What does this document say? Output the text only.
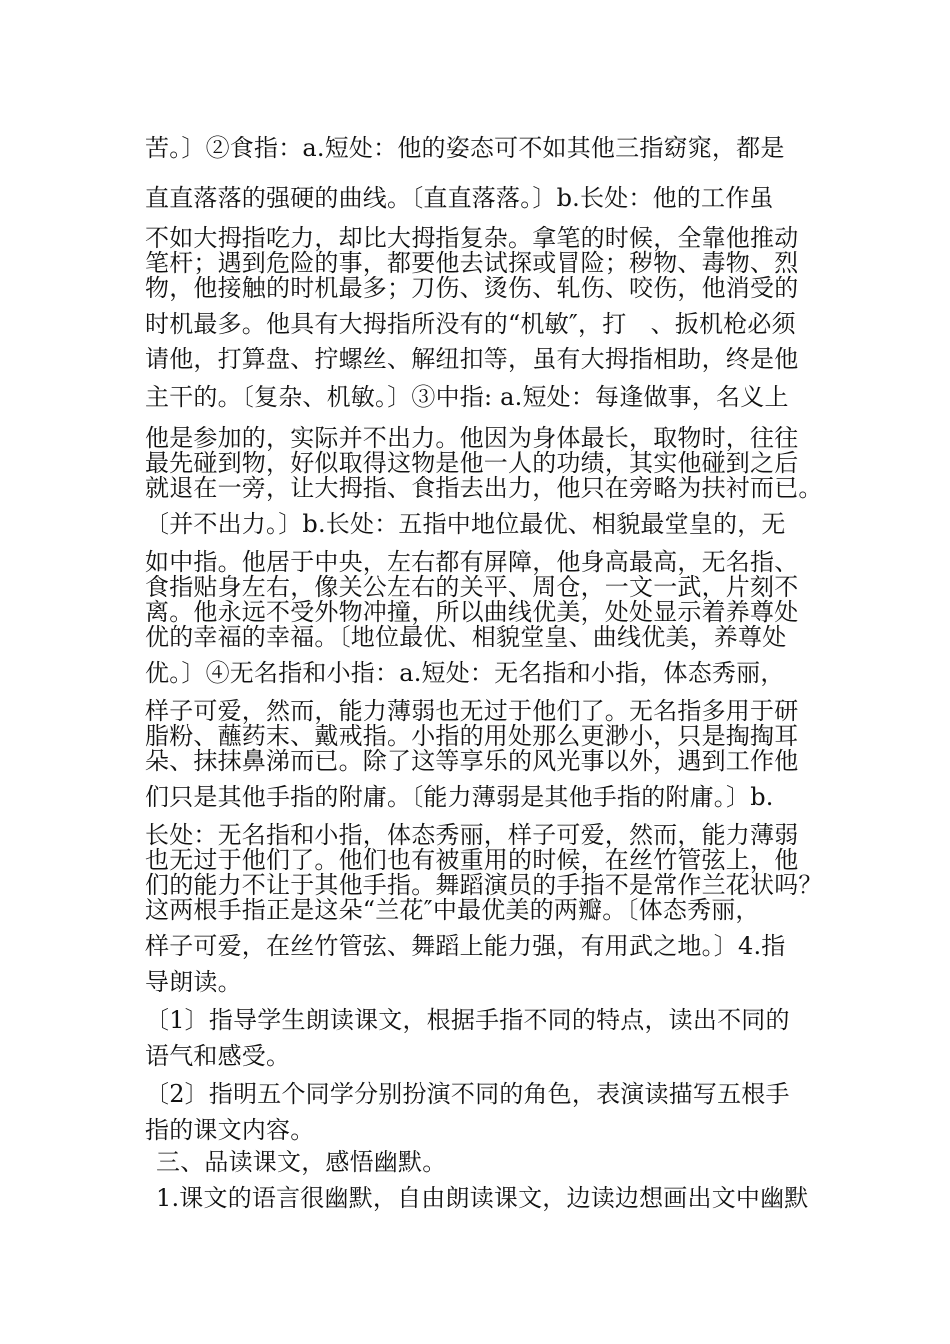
苦。〕②食指：a.短处：他的姿态可不如其他三指窈窕，都是
直直落落的强硬的曲线。〔直直落落。〕b.长处：他的工作虽
不如大拇指吃力，却比大拇指复杂。拿笔的时候，全靠他推动
笔杆；遇到危险的事，都要他去试探或冒险；秽物、毒物、烈
物，他接触的时机最多；刀伤、烫伤、轧伤、咬伤，他消受的
时机最多。他具有大拇指所没有的“机敏″，打　、扳机枪必须
请他，打算盘、拧螺丝、解纽扣等，虽有大拇指相助，终是他
主干的。〔复杂、机敏。〕③中指: a.短处：每逢做事，名义上
他是参加的，实际并不出力。他因为身体最长，取物时，往往
最先碰到物，好似取得这物是他一人的功绩，其实他碰到之后
就退在一旁，让大拇指、食指去出力，他只在旁略为扶衬而已。
〔并不出力。〕b.长处：五指中地位最优、相貌最堂皇的，无
如中指。他居于中央，左右都有屏障，他身高最高，无名指、
食指贴身左右，像关公左右的关平、周仓，一文一武，片刻不
离。他永远不受外物冲撞，所以曲线优美，处处显示着养尊处
优的幸福的幸福。〔地位最优、相貌堂皇、曲线优美，养尊处
优。〕④无名指和小指：a.短处：无名指和小指，体态秀丽，
样子可爱，然而，能力薄弱也无过于他们了。无名指多用于研
脂粉、蘸药末、戴戒指。小指的用处那么更渺小，只是掏掏耳
朵、抹抹鼻涕而已。除了这等享乐的风光事以外，遇到工作他
们只是其他手指的附庸。〔能力薄弱是其他手指的附庸。〕b.
长处：无名指和小指，体态秀丽，样子可爱，然而，能力薄弱
也无过于他们了。他们也有被重用的时候，在丝竹管弦上，他
们的能力不让于其他手指。舞蹈演员的手指不是常作兰花状吗？
这两根手指正是这朵“兰花″中最优美的两瓣。〔体态秀丽，
样子可爱，在丝竹管弦、舞蹈上能力强，有用武之地。〕4.指
导朗读。
〔1〕指导学生朗读课文，根据手指不同的特点，读出不同的
语气和感受。
〔2〕指明五个同学分别扮演不同的角色，表演读描写五根手
指的课文内容。
三、品读课文，感悟幽默。
1.课文的语言很幽默，自由朗读课文，边读边想画出文中幽默
